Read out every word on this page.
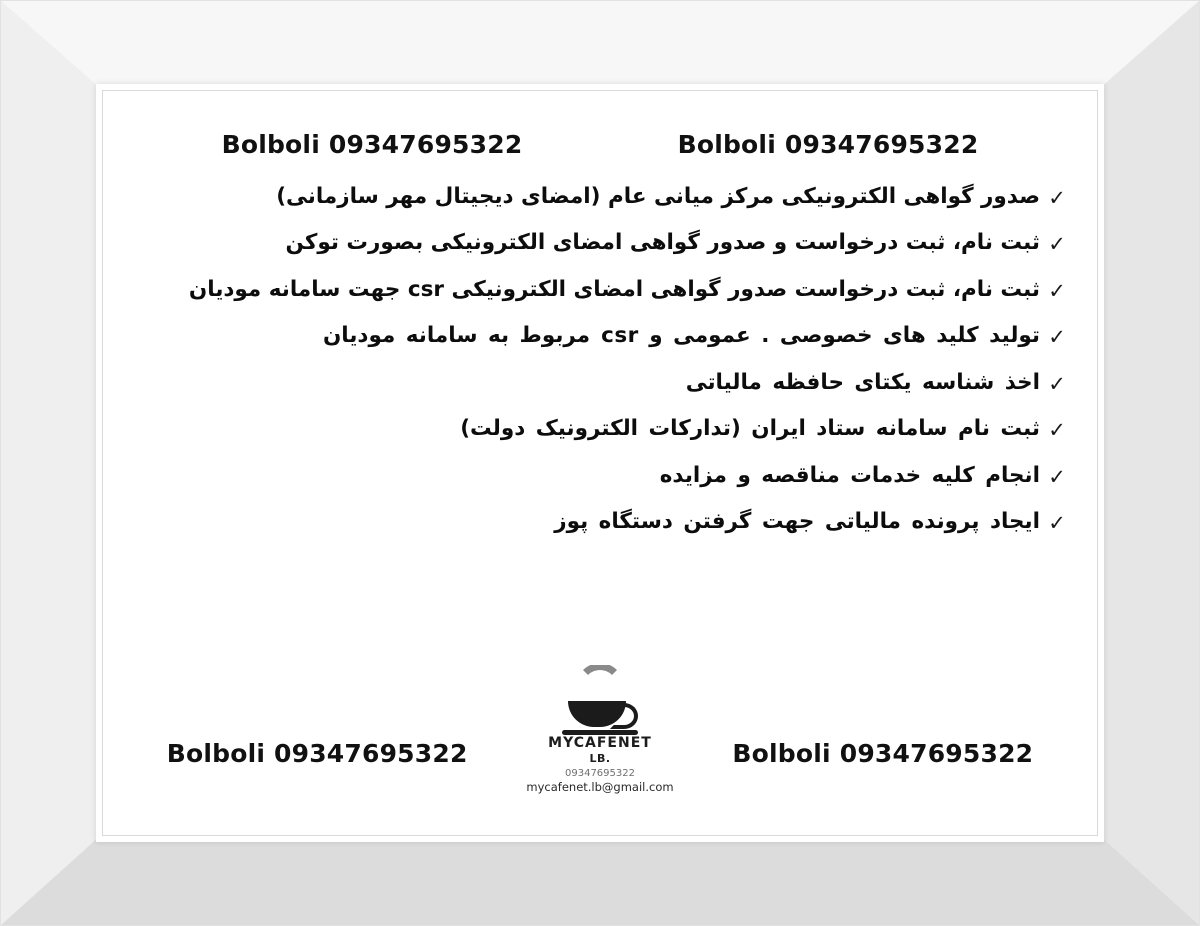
Bolboli 09347695322	Bolboli 09347695322
✓
صدور گواهی الکترونیکی مرکز میانی عام (امضای دیجیتال مهر سازمانی)
✓
ثبت نام، ثبت درخواست و صدور گواهی امضای الکترونیکی بصورت توکن
✓
ثبت نام، ثبت درخواست صدور گواهی امضای الکترونیکی csr جهت سامانه مودیان
✓
تولید کلید های خصوصی . عمومی و csr مربوط به سامانه مودیان
✓
اخذ شناسه یکتای حافظه مالیاتی
✓
ثبت نام سامانه ستاد ایران (تدارکات الکترونیک دولت)
✓
انجام کلیه خدمات مناقصه و مزایده
✓
ایجاد پرونده مالیاتی جهت گرفتن دستگاه پوز
Bolboli 09347695322	Bolboli 09347695322
MYCAFENET
LB.
09347695322
mycafenet.lb@gmail.com
